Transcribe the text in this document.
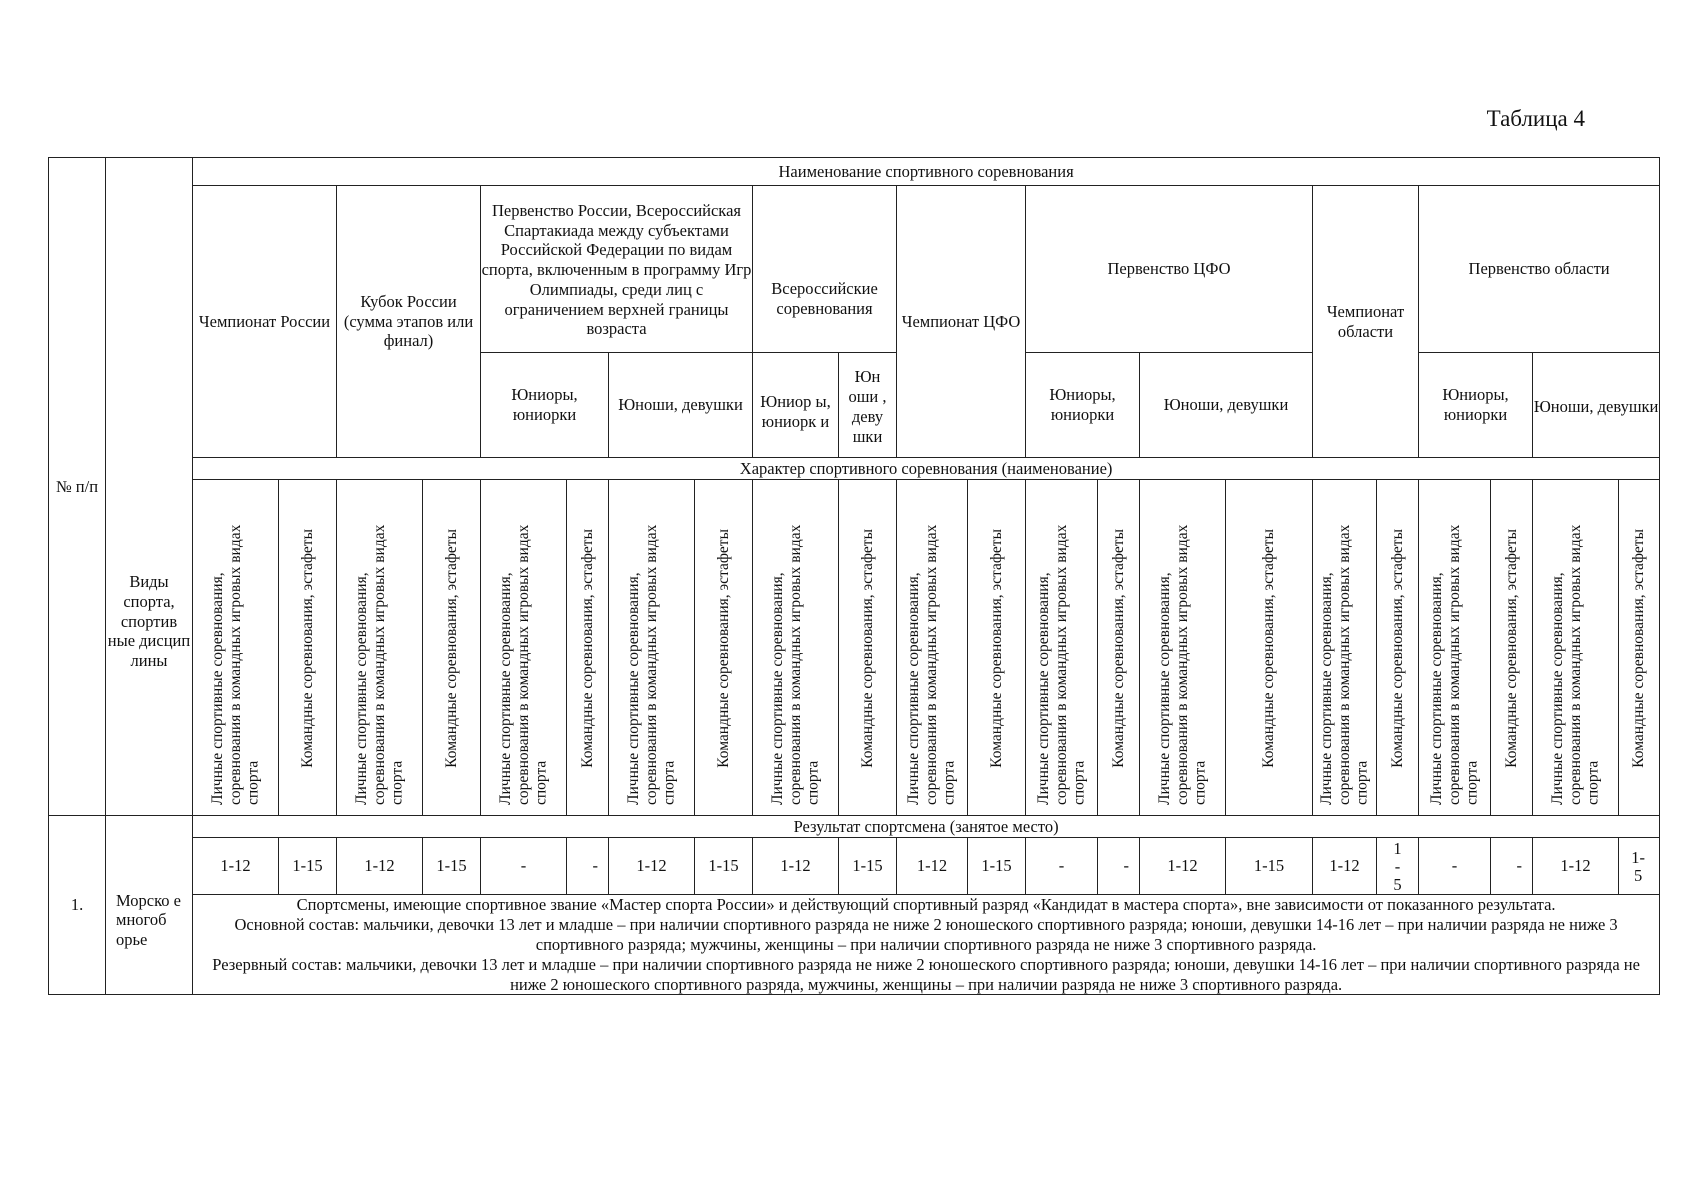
Таблица 4
№ п/п	Виды спорта, спортив ные дисцип лины	Наименование спортивного соревнования																					
		Чемпионат России		Кубок России (сумма этапов или финал)		Первенство России, Всероссийская Спартакиада между субъектами Российской Федерации по видам спорта, включенным в программу Игр Олимпиады, среди лиц с ограничением верхней границы возраста				Всероссийские соревнования		Чемпионат ЦФО		Первенство ЦФО				Чемпионат области		Первенство области			
						Юниоры, юниорки		Юноши, девушки		Юниор ы, юниорк и	Юн оши , деву шки			Юниоры, юниорки		Юноши, девушки				Юниоры, юниорки		Юноши, девушки	
		Характер спортивного соревнования (наименование)																					

		Личные спортивные соревнования, соревнования в командных игровых видах спорта	Командные соревнования, эстафеты	Личные спортивные соревнования, соревнования в командных игровых видах спорта	Командные соревнования, эстафеты	Личные спортивные соревнования, соревнования в командных игровых видах спорта	Командные соревнования, эстафеты	Личные спортивные соревнования, соревнования в командных игровых видах спорта	Командные соревнования, эстафеты	Личные спортивные соревнования, соревнования в командных игровых видах спорта	Командные соревнования, эстафеты	Личные спортивные соревнования, соревнования в командных игровых видах спорта	Командные соревнования, эстафеты	Личные спортивные соревнования, соревнования в командных игровых видах спорта	Командные соревнования, эстафеты	Личные спортивные соревнования, соревнования в командных игровых видах спорта	Командные соревнования, эстафеты	Личные спортивные соревнования, соревнования в командных игровых видах спорта	Командные соревнования, эстафеты	Личные спортивные соревнования, соревнования в командных игровых видах спорта	Командные соревнования, эстафеты	Личные спортивные соревнования, соревнования в командных игровых видах спорта	Командные соревнования, эстафеты

1.	Морско е многоб орье	Результат спортсмена (занятое место)																					
		1-12	1-15	1-12	1-15	-	-	1-12	1-15	1-12	1-15	1-12	1-15	-	-	1-12	1-15	1-12	1-5	-	-	1-12	1-5

		Спортсмены, имеющие спортивное звание «Мастер спорта России» и действующий спортивный разряд «Кандидат в мастера спорта», вне зависимости от показанного результата.

Основной состав: мальчики, девочки 13 лет и младше – при наличии спортивного разряда не ниже 2 юношеского спортивного разряда; юноши, девушки 14-16 лет – при наличии разряда не ниже 3 спортивного разряда; мужчины, женщины – при наличии спортивного разряда не ниже 3 спортивного разряда.

Резервный состав: мальчики, девочки 13 лет и младше – при наличии спортивного разряда не ниже 2 юношеского спортивного разряда; юноши, девушки 14-16 лет – при наличии спортивного разряда не ниже 2 юношеского спортивного разряда, мужчины, женщины – при наличии разряда не ниже 3 спортивного разряда.																					
